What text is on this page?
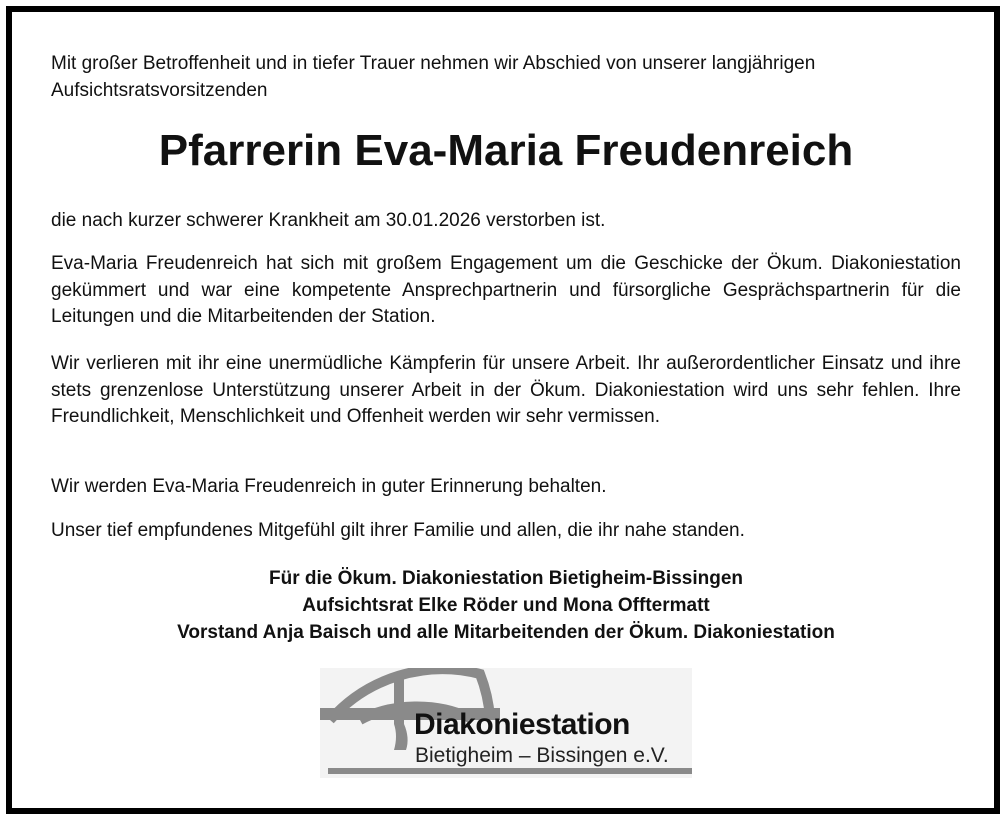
Mit großer Betroffenheit und in tiefer Trauer nehmen wir Abschied von unserer langjährigen Aufsichtsratsvorsitzenden
Pfarrerin Eva-Maria Freudenreich
die nach kurzer schwerer Krankheit am 30.01.2026 verstorben ist.
Eva-Maria Freudenreich hat sich mit großem Engagement um die Geschicke der Ökum. Diakoniestation gekümmert und war eine kompetente Ansprechpartnerin und fürsorgliche Gesprächspartnerin für die Leitungen und die Mitarbeitenden der Station.
Wir verlieren mit ihr eine unermüdliche Kämpferin für unsere Arbeit. Ihr außerordentlicher Einsatz und ihre stets grenzenlose Unterstützung unserer Arbeit in der Ökum. Diakoniestation wird uns sehr fehlen. Ihre Freundlichkeit, Menschlichkeit und Offenheit werden wir sehr vermissen.
Wir werden Eva-Maria Freudenreich in guter Erinnerung behalten.
Unser tief empfundenes Mitgefühl gilt ihrer Familie und allen, die ihr nahe standen.
Für die Ökum. Diakoniestation Bietigheim-Bissingen
Aufsichtsrat Elke Röder und Mona Offtermatt
Vorstand Anja Baisch und alle Mitarbeitenden der Ökum. Diakoniestation
Diakoniestation
Bietigheim – Bissingen e.V.
